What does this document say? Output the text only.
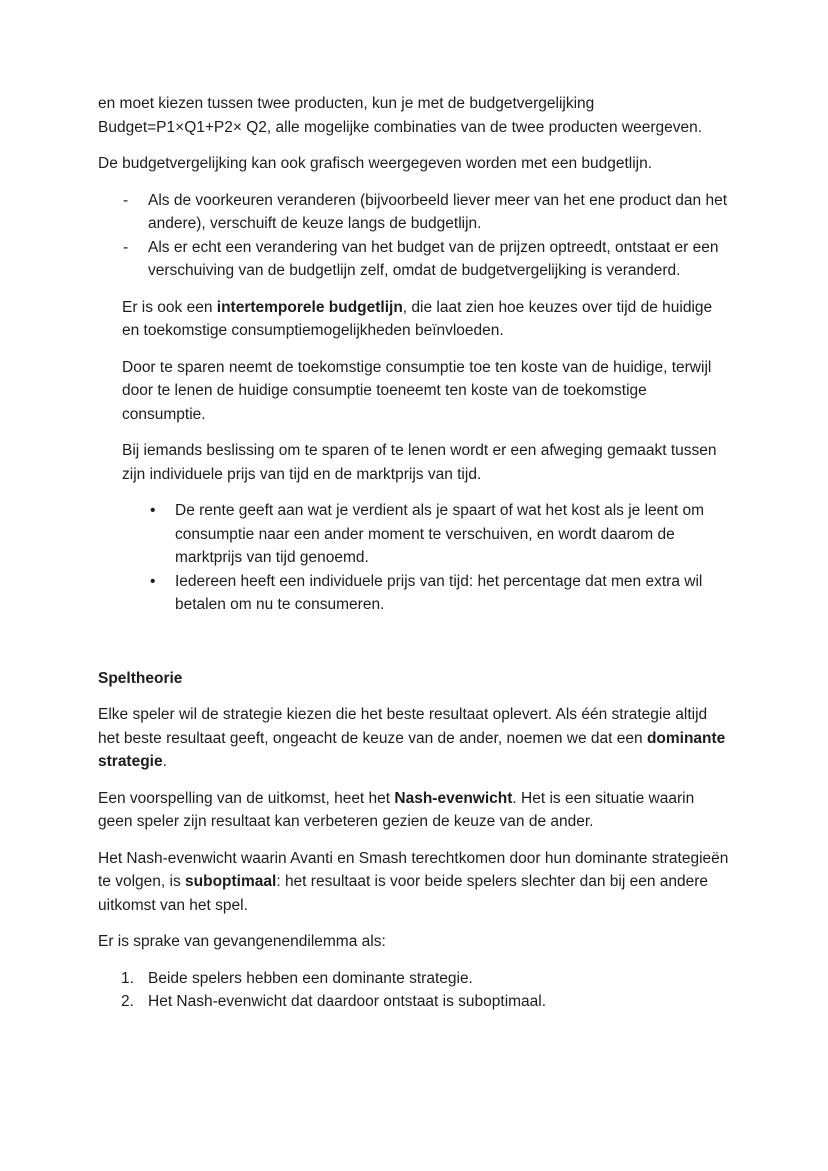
en moet kiezen tussen twee producten, kun je met de budgetvergelijking Budget=P1×Q1+P2× Q2, alle mogelijke combinaties van de twee producten weergeven.

De budgetvergelijking kan ook grafisch weergegeven worden met een budgetlijn.

-	Als de voorkeuren veranderen (bijvoorbeeld liever meer van het ene product dan het andere), verschuift de keuze langs de budgetlijn.
-	Als er echt een verandering van het budget van de prijzen optreedt, ontstaat er een verschuiving van de budgetlijn zelf, omdat de budgetvergelijking is veranderd.

Er is ook een intertemporele budgetlijn, die laat zien hoe keuzes over tijd de huidige en toekomstige consumptiemogelijkheden beïnvloeden.

Door te sparen neemt de toekomstige consumptie toe ten koste van de huidige, terwijl door te lenen de huidige consumptie toeneemt ten koste van de toekomstige consumptie.

Bij iemands beslissing om te sparen of te lenen wordt er een afweging gemaakt tussen zijn individuele prijs van tijd en de marktprijs van tijd.

•	De rente geeft aan wat je verdient als je spaart of wat het kost als je leent om consumptie naar een ander moment te verschuiven, en wordt daarom de marktprijs van tijd genoemd.
•	Iedereen heeft een individuele prijs van tijd: het percentage dat men extra wil betalen om nu te consumeren.

Speltheorie

Elke speler wil de strategie kiezen die het beste resultaat oplevert. Als één strategie altijd het beste resultaat geeft, ongeacht de keuze van de ander, noemen we dat een dominante strategie.

Een voorspelling van de uitkomst, heet het Nash-evenwicht. Het is een situatie waarin geen speler zijn resultaat kan verbeteren gezien de keuze van de ander.

Het Nash-evenwicht waarin Avanti en Smash terechtkomen door hun dominante strategieën te volgen, is suboptimaal: het resultaat is voor beide spelers slechter dan bij een andere uitkomst van het spel.

Er is sprake van gevangenendilemma als:

1. Beide spelers hebben een dominante strategie.
2. Het Nash-evenwicht dat daardoor ontstaat is suboptimaal.
